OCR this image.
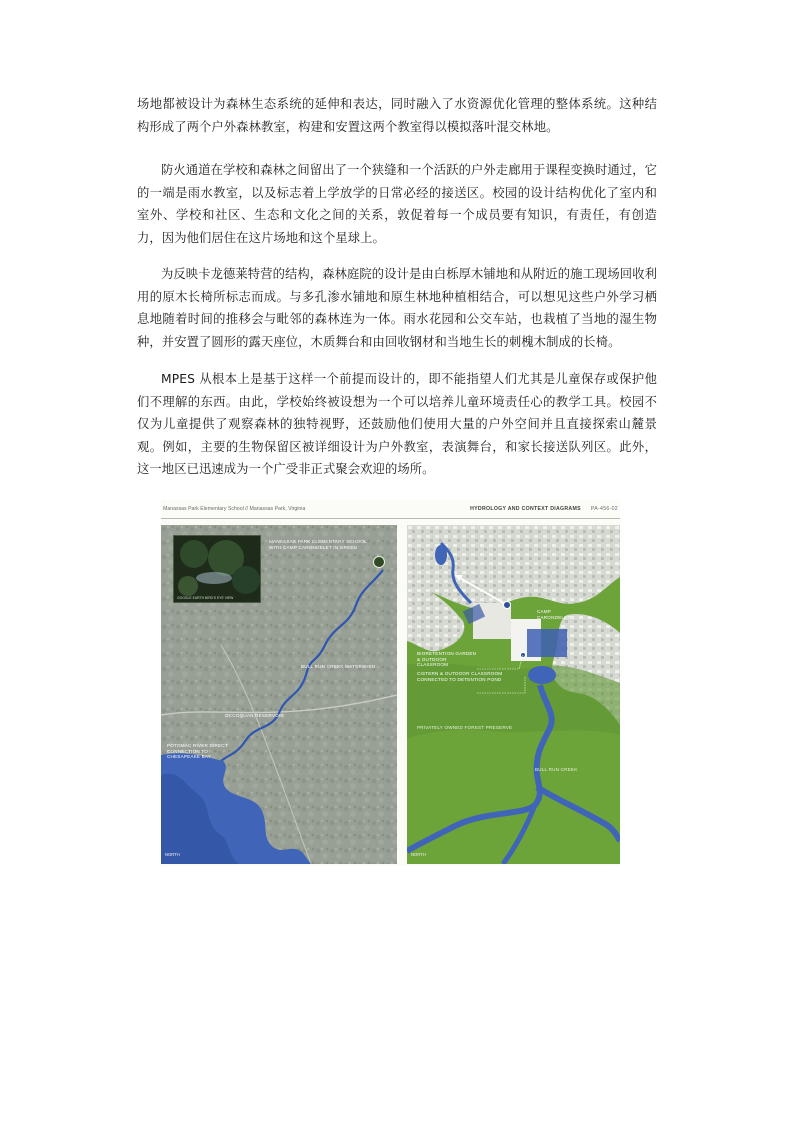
场地都被设计为森林生态系统的延伸和表达，同时融入了水资源优化管理的整体系统。这种结构形成了两个户外森林教室，构建和安置这两个教室得以模拟落叶混交林地。

防火通道在学校和森林之间留出了一个狭缝和一个活跃的户外走廊用于课程变换时通过，它的一端是雨水教室，以及标志着上学放学的日常必经的接送区。校园的设计结构优化了室内和室外、学校和社区、生态和文化之间的关系，敦促着每一个成员要有知识，有责任，有创造力，因为他们居住在这片场地和这个星球上。

为反映卡龙德莱特营的结构，森林庭院的设计是由白栎厚木铺地和从附近的施工现场回收利用的原木长椅所标志而成。与多孔渗水铺地和原生林地种植相结合，可以想见这些户外学习栖息地随着时间的推移会与毗邻的森林连为一体。雨水花园和公交车站，也栽植了当地的湿生物种，并安置了圆形的露天座位，木质舞台和由回收钢材和当地生长的刺槐木制成的长椅。

MPES 从根本上是基于这样一个前提而设计的，即不能指望人们尤其是儿童保存或保护他们不理解的东西。由此，学校始终被设想为一个可以培养儿童环境责任心的教学工具。校园不仅为儿童提供了观察森林的独特视野，还鼓励他们使用大量的户外空间并且直接探索山麓景观。例如，主要的生物保留区被详细设计为户外教室，表演舞台，和家长接送队列区。此外，这一地区已迅速成为一个广受非正式聚会欢迎的场所。

Manassas Park Elementary School // Manassas Park, Virginia	HYDROLOGY AND CONTEXT DIAGRAMS PA-456-02
GOOGLE EARTH BIRD'S EYE VIEW
MANASSAS PARK ELEMENTARY SCHOOL WITH CAMP CARONDELET IN GREEN
BULL RUN CREEK WATERSHED
OCCOQUAN RESERVOIR
POTOMAC RIVER DIRECT CONNECTION TO CHESAPEAKE BAY
NORTH
CAMP CARONDELET
BIORETENTION GARDEN & OUTDOOR CLASSROOM
CISTERN & OUTDOOR CLASSROOM CONNECTED TO DETENTION POND
PRIVATELY OWNED FOREST PRESERVE
BULL RUN CREEK
NORTH
